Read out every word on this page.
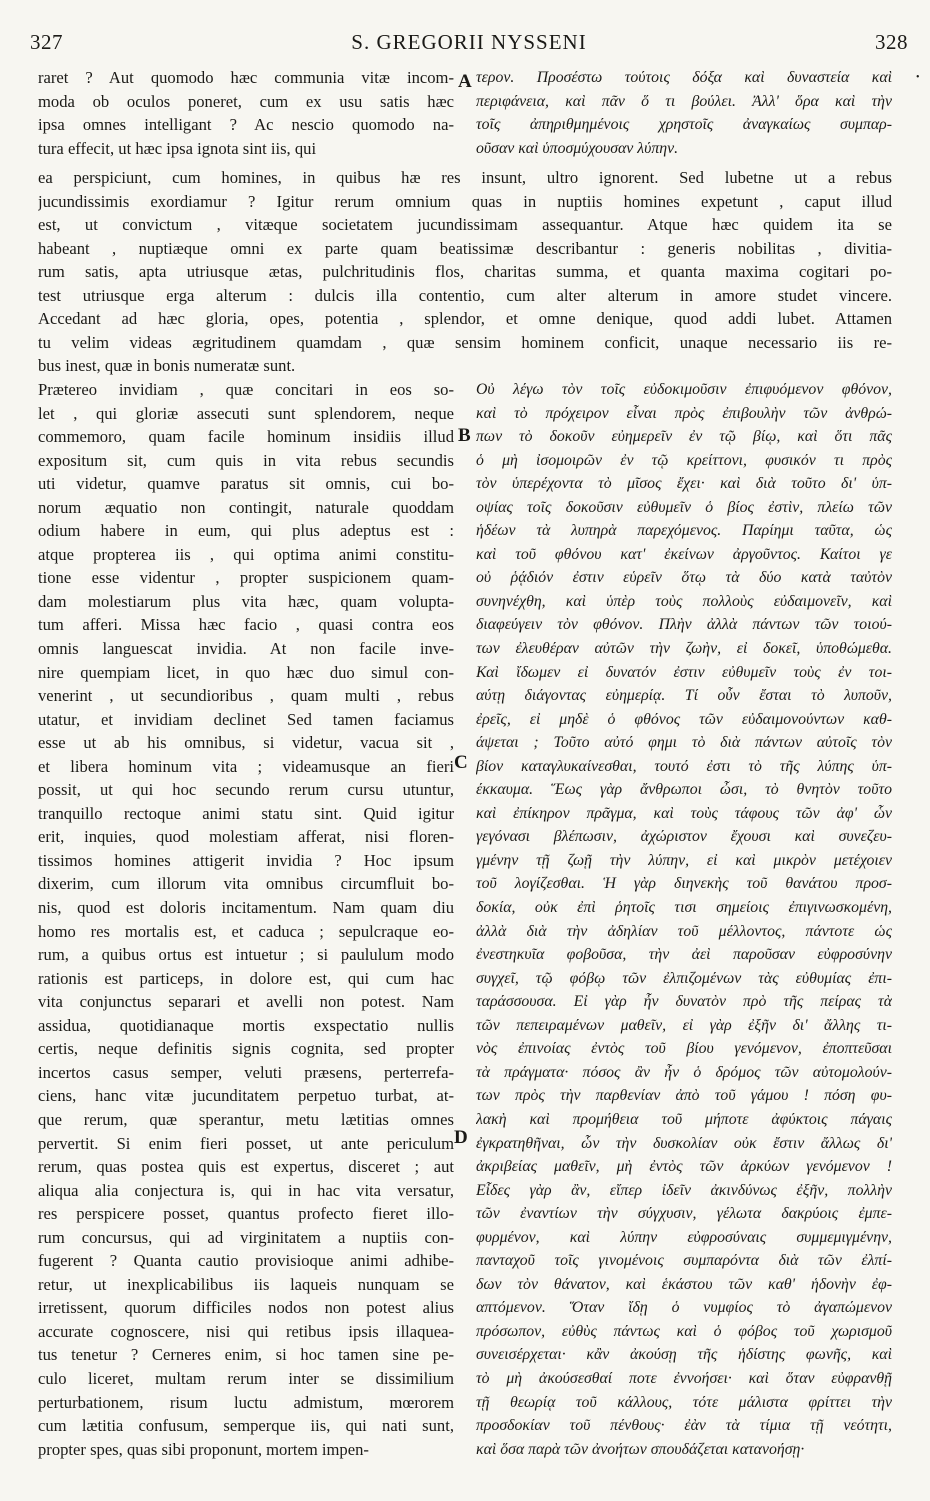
327	S. GREGORII NYSSENI	328
•
A
B
C
D
raret ? Aut quomodo hæc communia vitæ incom-
moda ob oculos poneret, cum ex usu satis hæc
ipsa omnes intelligant ? Ac nescio quomodo na-
tura effecit, ut hæc ipsa ignota sint iis, qui
τερον. Προσέστω τούτοις δόξα καὶ δυναστεία καὶ
περιφάνεια, καὶ πᾶν ὅ τι βούλει. Ἀλλ' ὅρα καὶ τὴν
τοῖς ἀπηριθμημένοις χρηστοῖς ἀναγκαίως συμπαρ-
οῦσαν καὶ ὑποσμύχουσαν λύπην.
ea perspiciunt, cum homines, in quibus hæ res insunt, ultro ignorent. Sed lubetne ut a rebus
jucundissimis exordiamur ? Igitur rerum omnium quas in nuptiis homines expetunt , caput illud
est, ut convictum , vitæque societatem jucundissimam assequantur. Atque hæc quidem ita se
habeant , nuptiæque omni ex parte quam beatissimæ describantur : generis nobilitas , divitia-
rum satis, apta utriusque ætas, pulchritudinis flos, charitas summa, et quanta maxima cogitari po-
test utriusque erga alterum : dulcis illa contentio, cum alter alterum in amore studet vincere.
Accedant ad hæc gloria, opes, potentia , splendor, et omne denique, quod addi lubet. Attamen
tu velim videas ægritudinem quamdam , quæ sensim hominem conficit, unaque necessario iis re-
bus inest, quæ in bonis numeratæ sunt.
Prætereo invidiam , quæ concitari in eos so-
let , qui gloriæ assecuti sunt splendorem, neque
commemoro, quam facile hominum insidiis illud
expositum sit, cum quis in vita rebus secundis
uti videtur, quamve paratus sit omnis, cui bo-
norum æquatio non contingit, naturale quoddam
odium habere in eum, qui plus adeptus est :
atque propterea iis , qui optima animi constitu-
tione esse videntur , propter suspicionem quam-
dam molestiarum plus vita hæc, quam volupta-
tum afferi. Missa hæc facio , quasi contra eos
omnis languescat invidia. At non facile inve-
nire quempiam licet, in quo hæc duo simul con-
venerint , ut secundioribus , quam multi , rebus
utatur, et invidiam declinet Sed tamen faciamus
esse ut ab his omnibus, si videtur, vacua sit ,
et libera hominum vita ; videamusque an fieri
possit, ut qui hoc secundo rerum cursu utuntur,
tranquillo rectoque animi statu sint. Quid igitur
erit, inquies, quod molestiam afferat, nisi floren-
tissimos homines attigerit invidia ? Hoc ipsum
dixerim, cum illorum vita omnibus circumfluit bo-
nis, quod est doloris incitamentum. Nam quam diu
homo res mortalis est, et caduca ; sepulcraque eo-
rum, a quibus ortus est intuetur ; si paululum modo
rationis est particeps, in dolore est, qui cum hac
vita conjunctus separari et avelli non potest. Nam
assidua, quotidianaque mortis exspectatio nullis
certis, neque definitis signis cognita, sed propter
incertos casus semper, veluti præsens, perterrefa-
ciens, hanc vitæ jucunditatem perpetuo turbat, at-
que rerum, quæ sperantur, metu lætitias omnes
pervertit. Si enim fieri posset, ut ante periculum
rerum, quas postea quis est expertus, disceret ; aut
aliqua alia conjectura is, qui in hac vita versatur,
res perspicere posset, quantus profecto fieret illo-
rum concursus, qui ad virginitatem a nuptiis con-
fugerent ? Quanta cautio provisioque animi adhibe-
retur, ut inexplicabilibus iis laqueis nunquam se
irretissent, quorum difficiles nodos non potest alius
accurate cognoscere, nisi qui retibus ipsis illaquea-
tus tenetur ? Cerneres enim, si hoc tamen sine pe-
culo liceret, multam rerum inter se dissimilium
perturbationem, risum luctu admistum, mœrorem
cum lætitia confusum, semperque iis, qui nati sunt,
propter spes, quas sibi proponunt, mortem impen-
Οὐ λέγω τὸν τοῖς εὐδοκιμοῦσιν ἐπιφυόμενον φθόνον,
καὶ τὸ πρόχειρον εἶναι πρὸς ἐπιβουλὴν τῶν ἀνθρώ-
πων τὸ δοκοῦν εὐημερεῖν ἐν τῷ βίῳ, καὶ ὅτι πᾶς
ὁ μὴ ἰσομοιρῶν ἐν τῷ κρείττονι, φυσικόν τι πρὸς
τὸν ὑπερέχοντα τὸ μῖσος ἔχει· καὶ διὰ τοῦτο δι' ὑπ-
οψίας τοῖς δοκοῦσιν εὐθυμεῖν ὁ βίος ἐστὶν, πλείω τῶν
ἡδέων τὰ λυπηρὰ παρεχόμενος. Παρίημι ταῦτα, ὡς
καὶ τοῦ φθόνου κατ' ἐκείνων ἀργοῦντος. Καίτοι γε
οὐ ῥᾴδιόν ἐστιν εὑρεῖν ὅτῳ τὰ δύο κατὰ ταὐτὸν
συνηνέχθη, καὶ ὑπὲρ τοὺς πολλοὺς εὐδαιμονεῖν, καὶ
διαφεύγειν τὸν φθόνον. Πλὴν ἀλλὰ πάντων τῶν τοιού-
των ἐλευθέραν αὐτῶν τὴν ζωὴν, εἰ δοκεῖ, ὑποθώμεθα.
Καὶ ἴδωμεν εἰ δυνατόν ἐστιν εὐθυμεῖν τοὺς ἐν τοι-
αύτῃ διάγοντας εὐημερίᾳ. Τί οὖν ἔσται τὸ λυποῦν,
ἐρεῖς, εἰ μηδὲ ὁ φθόνος τῶν εὐδαιμονούντων καθ-
άψεται ; Τοῦτο αὐτό φημι τὸ διὰ πάντων αὐτοῖς τὸν
βίον καταγλυκαίνεσθαι, τουτό ἐστι τὸ τῆς λύπης ὑπ-
έκκαυμα. Ἕως γὰρ ἄνθρωποι ὦσι, τὸ θνητὸν τοῦτο
καὶ ἐπίκηρον πρᾶγμα, καὶ τοὺς τάφους τῶν ἀφ' ὧν
γεγόνασι βλέπωσιν, ἀχώριστον ἔχουσι καὶ συνεζευ-
γμένην τῇ ζωῇ τὴν λύπην, εἰ καὶ μικρὸν μετέχοιεν
τοῦ λογίζεσθαι. Ἡ γὰρ διηνεκὴς τοῦ θανάτου προσ-
δοκία, οὐκ ἐπὶ ῥητοῖς τισι σημείοις ἐπιγινωσκομένη,
ἀλλὰ διὰ τὴν ἀδηλίαν τοῦ μέλλοντος, πάντοτε ὡς
ἐνεστηκυῖα φοβοῦσα, τὴν ἀεὶ παροῦσαν εὐφροσύνην
συγχεῖ, τῷ φόβῳ τῶν ἐλπιζομένων τὰς εὐθυμίας ἐπι-
ταράσσουσα. Εἰ γὰρ ἦν δυνατὸν πρὸ τῆς πείρας τὰ
τῶν πεπειραμένων μαθεῖν, εἰ γὰρ ἐξῆν δι' ἄλλης τι-
νὸς ἐπινοίας ἐντὸς τοῦ βίου γενόμενον, ἐποπτεῦσαι
τὰ πράγματα· πόσος ἂν ἦν ὁ δρόμος τῶν αὐτομολούν-
των πρὸς τὴν παρθενίαν ἀπὸ τοῦ γάμου ! πόση φυ-
λακὴ καὶ προμήθεια τοῦ μήποτε ἀφύκτοις πάγαις
ἐγκρατηθῆναι, ὧν τὴν δυσκολίαν οὐκ ἔστιν ἄλλως δι'
ἀκριβείας μαθεῖν, μὴ ἐντὸς τῶν ἀρκύων γενόμενον !
Εἶδες γὰρ ἂν, εἴπερ ἰδεῖν ἀκινδύνως ἐξῆν, πολλὴν
τῶν ἐναντίων τὴν σύγχυσιν, γέλωτα δακρύοις ἐμπε-
φυρμένον, καὶ λύπην εὐφροσύναις συμμεμιγμένην,
πανταχοῦ τοῖς γινομένοις συμπαρόντα διὰ τῶν ἐλπί-
δων τὸν θάνατον, καὶ ἑκάστου τῶν καθ' ἡδονὴν ἐφ-
απτόμενον. Ὅταν ἴδῃ ὁ νυμφίος τὸ ἀγαπώμενον
πρόσωπον, εὐθὺς πάντως καὶ ὁ φόβος τοῦ χωρισμοῦ
συνεισέρχεται· κἂν ἀκούσῃ τῆς ἡδίστης φωνῆς, καὶ
τὸ μὴ ἀκούσεσθαί ποτε ἐννοήσει· καὶ ὅταν εὐφρανθῇ
τῇ θεωρίᾳ τοῦ κάλλους, τότε μάλιστα φρίττει τὴν
προσδοκίαν τοῦ πένθους· ἐὰν τὰ τίμια τῇ νεότητι,
καὶ ὅσα παρὰ τῶν ἀνοήτων σπουδάζεται κατανοήσῃ·
